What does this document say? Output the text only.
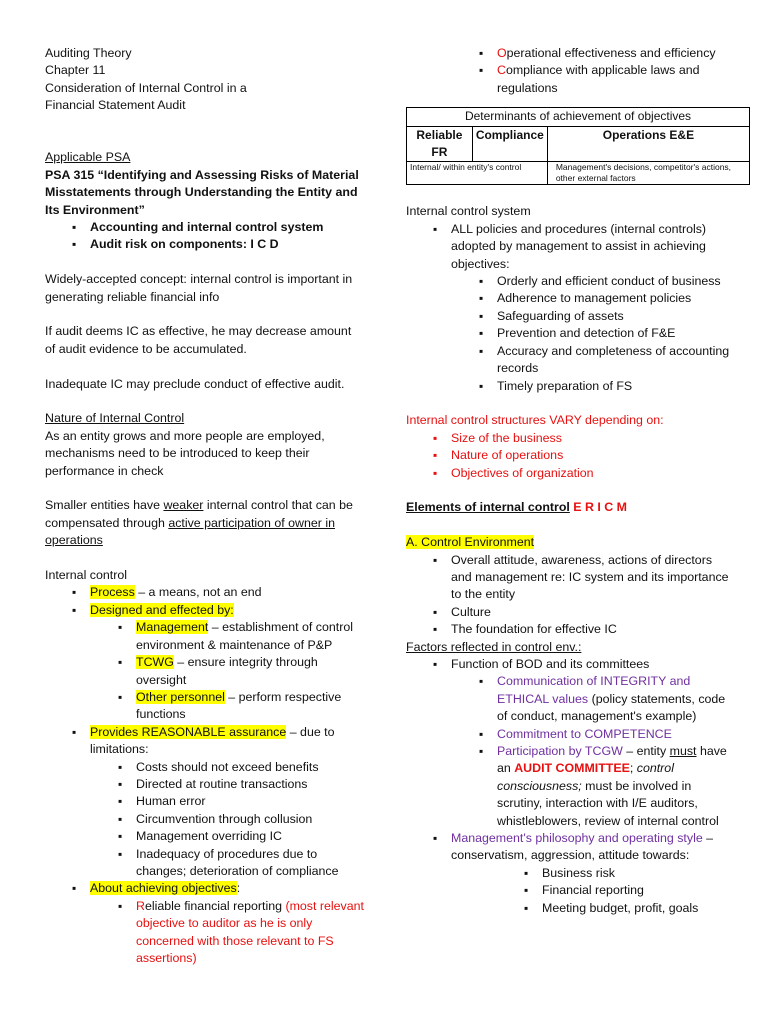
Auditing Theory

Chapter 11

Consideration of Internal Control in a

Financial Statement Audit

Applicable PSA

PSA 315 “Identifying and Assessing Risks of Material Misstatements through Understanding the Entity and Its Environment”

▪ Accounting and internal control system
▪ Audit risk on components: I C D

Widely-accepted concept: internal control is important in generating reliable financial info

If audit deems IC as effective, he may decrease amount of audit evidence to be accumulated.

Inadequate IC may preclude conduct of effective audit.

Nature of Internal Control

As an entity grows and more people are employed, mechanisms need to be introduced to keep their performance in check

Smaller entities have weaker internal control that can be compensated through active participation of owner in operations

Internal control

▪ Process – a means, not an end
▪ Designed and effected by:
▪ Management – establishment of control environment & maintenance of P&P
▪ TCWG – ensure integrity through oversight
▪ Other personnel – perform respective functions
▪ Provides REASONABLE assurance – due to limitations:
▪ Costs should not exceed benefits
▪ Directed at routine transactions
▪ Human error
▪ Circumvention through collusion
▪ Management overriding IC
▪ Inadequacy of procedures due to changes; deterioration of compliance
▪ About achieving objectives:
▪ Reliable financial reporting (most relevant objective to auditor as he is only concerned with those relevant to FS assertions)
▪ Operational effectiveness and efficiency
▪ Compliance with applicable laws and regulations
Determinants of achievement of objectives		
Reliable FR	Compliance	Operations E&E
Internal/ within entity's control		Management's decisions, competitor's actions, other external factors

Internal control system

▪ ALL policies and procedures (internal controls) adopted by management to assist in achieving objectives:
▪ Orderly and efficient conduct of business
▪ Adherence to management policies
▪ Safeguarding of assets
▪ Prevention and detection of F&E
▪ Accuracy and completeness of accounting records
▪ Timely preparation of FS

Internal control structures VARY depending on:

▪ Size of the business
▪ Nature of operations
▪ Objectives of organization

Elements of internal control E R I C M

A. Control Environment

▪ Overall attitude, awareness, actions of directors and management re: IC system and its importance to the entity
▪ Culture
▪ The foundation for effective IC

Factors reflected in control env.:

▪ Function of BOD and its committees
▪ Communication of INTEGRITY and ETHICAL values (policy statements, code of conduct, management's example)
▪ Commitment to COMPETENCE
▪ Participation by TCGW – entity must have an AUDIT COMMITTEE; control consciousness; must be involved in scrutiny, interaction with I/E auditors, whistleblowers, review of internal control
▪ Management's philosophy and operating style – conservatism, aggression, attitude towards:
▪ Business risk
▪ Financial reporting
▪ Meeting budget, profit, goals
